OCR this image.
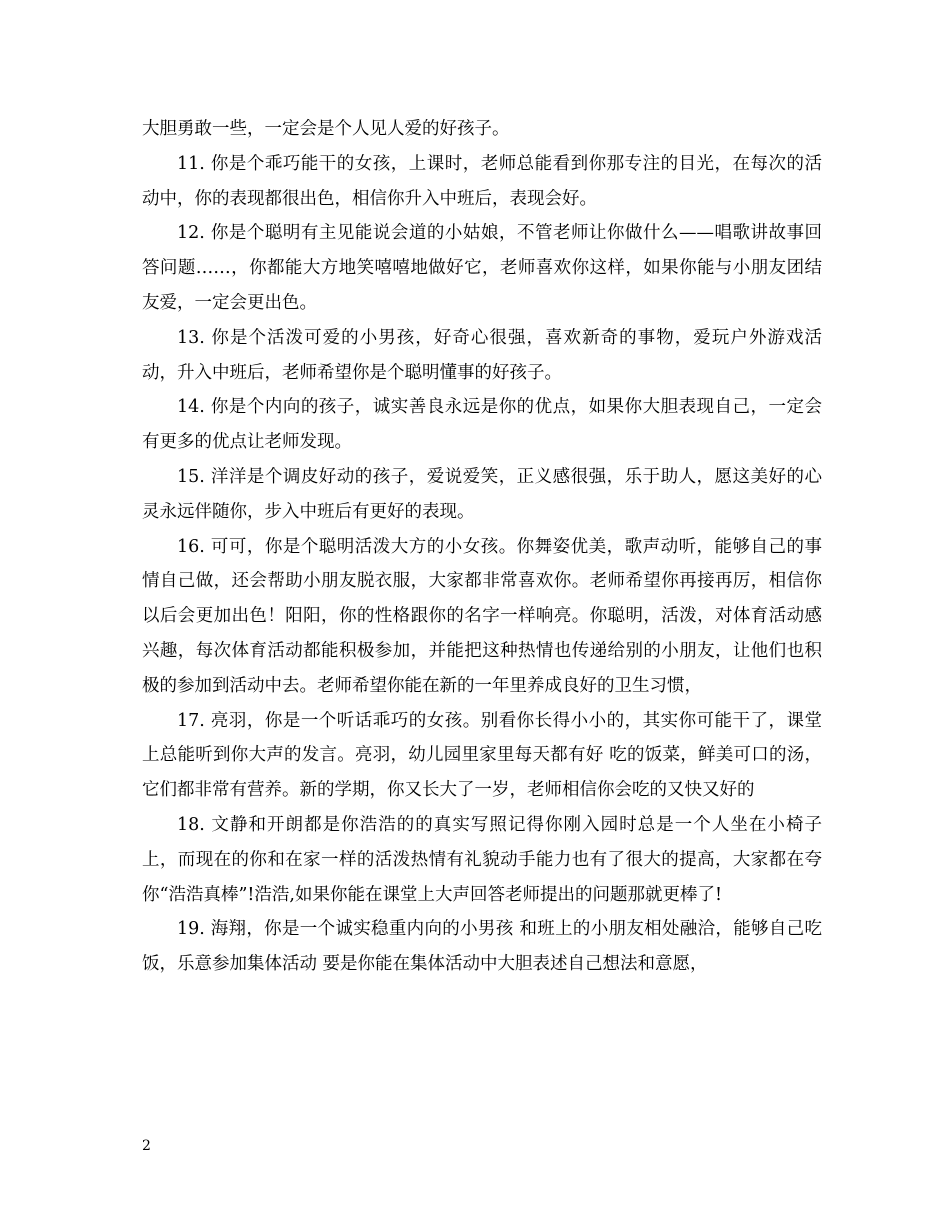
大胆勇敢一些，一定会是个人见人爱的好孩子。

11. 你是个乖巧能干的女孩，上课时，老师总能看到你那专注的目光，在每次的活动中，你的表现都很出色，相信你升入中班后，表现会好。

12. 你是个聪明有主见能说会道的小姑娘，不管老师让你做什么——唱歌讲故事回答问题……，你都能大方地笑嘻嘻地做好它，老师喜欢你这样，如果你能与小朋友团结友爱，一定会更出色。

13. 你是个活泼可爱的小男孩，好奇心很强，喜欢新奇的事物，爱玩户外游戏活动，升入中班后，老师希望你是个聪明懂事的好孩子。

14. 你是个内向的孩子，诚实善良永远是你的优点，如果你大胆表现自己，一定会有更多的优点让老师发现。

15. 洋洋是个调皮好动的孩子，爱说爱笑，正义感很强，乐于助人，愿这美好的心灵永远伴随你，步入中班后有更好的表现。

16. 可可，你是个聪明活泼大方的小女孩。你舞姿优美，歌声动听，能够自己的事情自己做，还会帮助小朋友脱衣服，大家都非常喜欢你。老师希望你再接再厉，相信你以后会更加出色！阳阳，你的性格跟你的名字一样响亮。你聪明，活泼，对体育活动感兴趣，每次体育活动都能积极参加，并能把这种热情也传递给别的小朋友，让他们也积极的参加到活动中去。老师希望你能在新的一年里养成良好的卫生习惯，

17. 亮羽，你是一个听话乖巧的女孩。别看你长得小小的，其实你可能干了，课堂上总能听到你大声的发言。亮羽，幼儿园里家里每天都有好 吃的饭菜，鲜美可口的汤，它们都非常有营养。新的学期，你又长大了一岁，老师相信你会吃的又快又好的

18. 文静和开朗都是你浩浩的的真实写照记得你刚入园时总是一个人坐在小椅子上，而现在的你和在家一样的活泼热情有礼貌动手能力也有了很大的提高，大家都在夸你“浩浩真棒”!浩浩,如果你能在课堂上大声回答老师提出的问题那就更棒了!

19. 海翔，你是一个诚实稳重内向的小男孩 和班上的小朋友相处融洽，能够自己吃饭，乐意参加集体活动 要是你能在集体活动中大胆表述自己想法和意愿，

2
